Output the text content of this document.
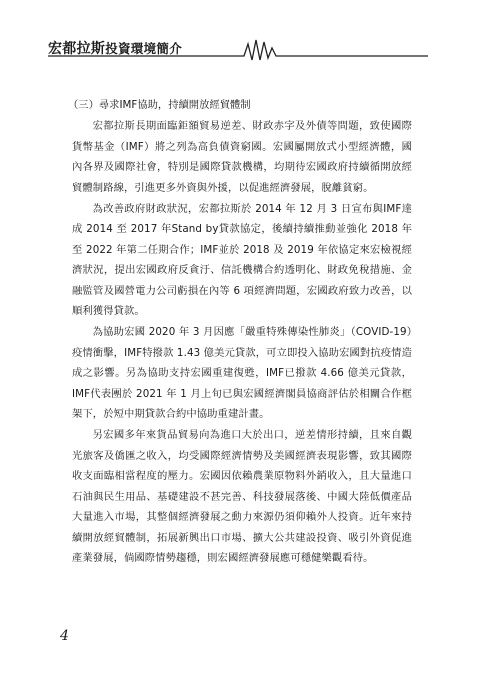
宏都拉斯投資環境簡介
（三）尋求IMF協助，持續開放經貿體制

宏都拉斯長期面臨鉅額貿易逆差、財政赤字及外債等問題，致使國際貨幣基金（IMF）將之列為高負債資窮國。宏國屬開放式小型經濟體，國內各界及國際社會，特別是國際貸款機構，均期待宏國政府持續循開放經貿體制路線，引進更多外資與外援，以促進經濟發展，脫離貧窮。

為改善政府財政狀況，宏都拉斯於 2014 年 12 月 3 日宣布與IMF達成 2014 至 2017 年Stand by貸款協定，後續持續推動並強化 2018 年至 2022 年第二任期合作；IMF並於 2018 及 2019 年依協定來宏檢視經濟狀況，提出宏國政府反貪汙、信託機構合約透明化、財政免稅措施、金融監管及國營電力公司虧損在內等 6 項經濟問題，宏國政府致力改善，以順利獲得貸款。

為協助宏國 2020 年 3 月因應「嚴重特殊傳染性肺炎」（COVID-19）疫情衝擊，IMF特撥款 1.43 億美元貸款，可立即投入協助宏國對抗疫情造成之影響。另為協助支持宏國重建復甦，IMF已撥款 4.66 億美元貸款，IMF代表團於 2021 年 1 月上旬已與宏國經濟閣員協商評估於相關合作框架下，於短中期貸款合約中協助重建計畫。

另宏國多年來貨品貿易向為進口大於出口，逆差情形持續，且來自觀光旅客及僑匯之收入，均受國際經濟情勢及美國經濟表現影響，致其國際收支面臨相當程度的壓力。宏國因依賴農業原物料外銷收入，且大量進口石油與民生用品、基礎建設不甚完善、科技發展落後、中國大陸低價產品大量進入市場，其整個經濟發展之動力來源仍須仰賴外人投資。近年來持續開放經貿體制，拓展新興出口市場、擴大公共建設投資、吸引外資促進產業發展，倘國際情勢趨穩，則宏國經濟發展應可穩健樂觀看待。

4
